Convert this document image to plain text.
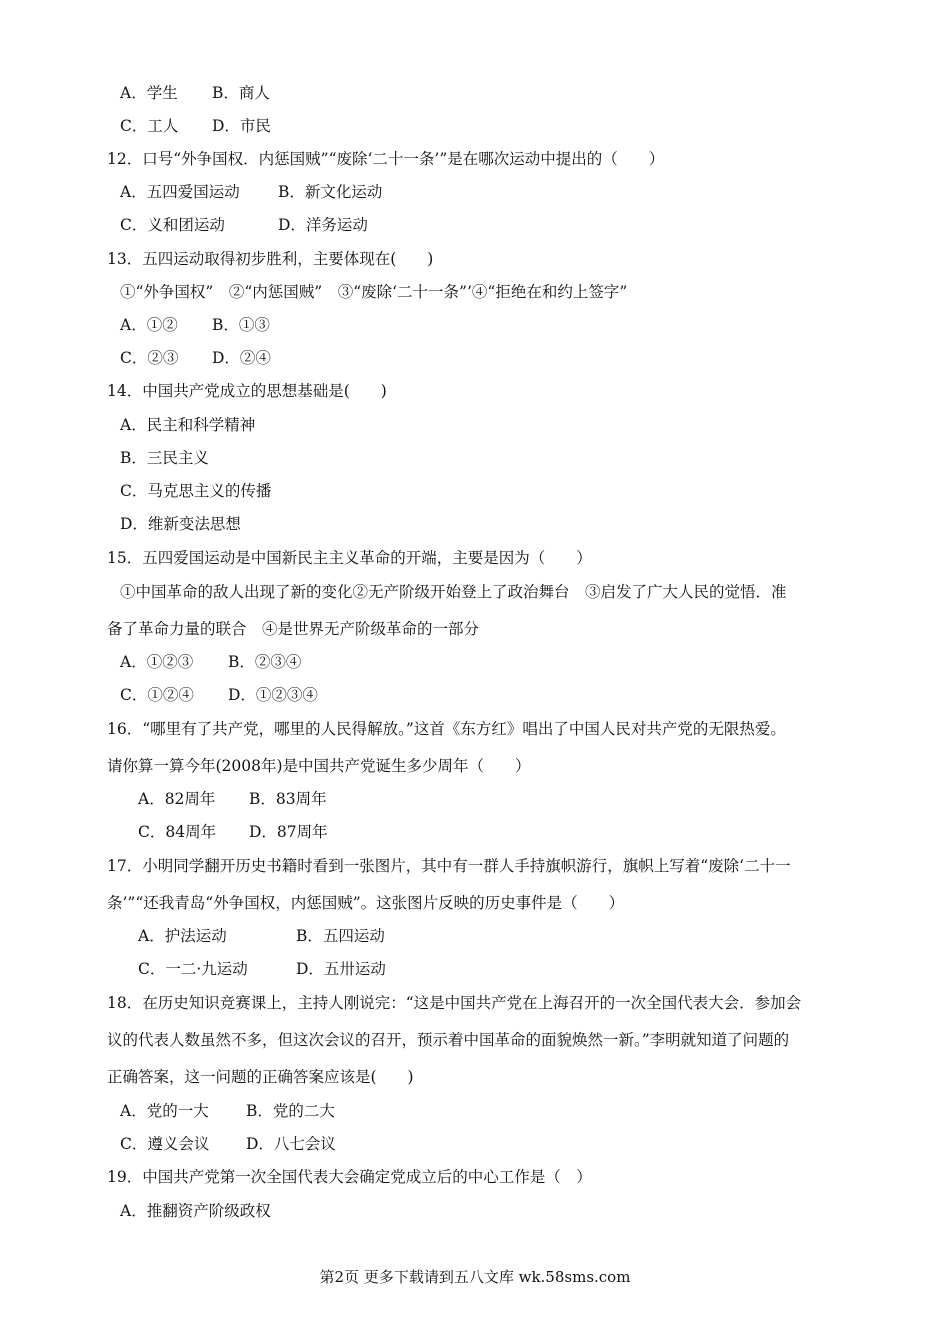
A．学生 B．商人
C．工人 D．市民
12．口号“外争国权．内惩国贼”“废除‘二十一条’”是在哪次运动中提出的（　　）
A．五四爱国运动 B．新文化运动
C．义和团运动	D．洋务运动
13．五四运动取得初步胜利，主要体现在(　　)
①“外争国权”　②“内惩国贼”　③“废除‘二十一条”’④“拒绝在和约上签字”
A．①② B．①③
C．②③ D．②④
14．中国共产党成立的思想基础是(　　)
A．民主和科学精神
B．三民主义
C．马克思主义的传播
D．维新变法思想
15．五四爱国运动是中国新民主主义革命的开端，主要是因为（　　）
①中国革命的敌人出现了新的变化②无产阶级开始登上了政治舞台　③启发了广大人民的觉悟．准
备了革命力量的联合　④是世界无产阶级革命的一部分
A．①②③ B．②③④
C．①②④ D．①②③④
16．“哪里有了共产党，哪里的人民得解放。”这首《东方红》唱出了中国人民对共产党的无限热爱。
请你算一算今年(2008年)是中国共产党诞生多少周年（　　）
A．82周年 B．83周年
C．84周年 D．87周年
17．小明同学翻开历史书籍时看到一张图片，其中有一群人手持旗帜游行，旗帜上写着“废除‘二十一
条’”“还我青岛“外争国权，内惩国贼”。这张图片反映的历史事件是（　　）
A．护法运动	B．五四运动
C．一二·九运动	D．五卅运动
18．在历史知识竞赛课上，主持人刚说完：“这是中国共产党在上海召开的一次全国代表大会．参加会
议的代表人数虽然不多，但这次会议的召开，预示着中国革命的面貌焕然一新。”李明就知道了问题的
正确答案，这一问题的正确答案应该是(　　)
A．党的一大 B．党的二大
C．遵义会议 D．八七会议
19．中国共产党第一次全国代表大会确定党成立后的中心工作是（　）
A．推翻资产阶级政权
第2页 更多下载请到五八文库 wk.58sms.com
